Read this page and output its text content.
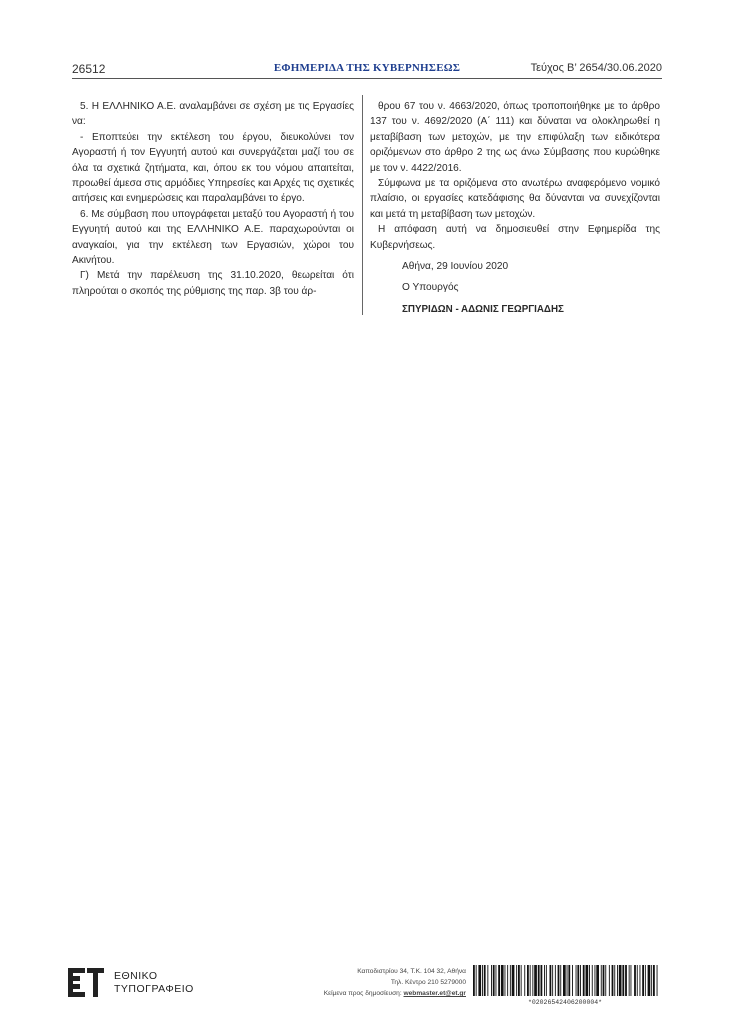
26512	ΕΦΗΜΕΡΙΔΑ ΤΗΣ ΚΥΒΕΡΝΗΣΕΩΣ	Τεύχος Β’ 2654/30.06.2020

5. Η ΕΛΛΗΝΙΚΟ Α.Ε. αναλαμβάνει σε σχέση με τις Εργασίες να:

- Εποπτεύει την εκτέλεση του έργου, διευκολύνει τον Αγοραστή ή τον Εγγυητή αυτού και συνεργάζεται μαζί του σε όλα τα σχετικά ζητήματα, και, όπου εκ του νόμου απαιτείται, προωθεί άμεσα στις αρμόδιες Υπηρεσίες και Αρχές τις σχετικές αιτήσεις και ενημερώσεις και παραλαμβάνει το έργο.

6. Με σύμβαση που υπογράφεται μεταξύ του Αγοραστή ή του Εγγυητή αυτού και της ΕΛΛΗΝΙΚΟ Α.Ε. παραχωρούνται οι αναγκαίοι, για την εκτέλεση των Εργασιών, χώροι του Ακινήτου.

Γ) Μετά την παρέλευση της 31.10.2020, θεωρείται ότι πληρούται ο σκοπός της ρύθμισης της παρ. 3β του άρ-

θρου 67 του ν. 4663/2020, όπως τροποποιήθηκε με το άρθρο 137 του ν. 4692/2020 (Α΄ 111) και δύναται να ολοκληρωθεί η μεταβίβαση των μετοχών, με την επιφύλαξη των ειδικότερα οριζόμενων στο άρθρο 2 της ως άνω Σύμβασης που κυρώθηκε με τον ν. 4422/2016.

Σύμφωνα με τα οριζόμενα στο ανωτέρω αναφερόμενο νομικό πλαίσιο, οι εργασίες κατεδάφισης θα δύνανται να συνεχίζονται και μετά τη μεταβίβαση των μετοχών.

Η απόφαση αυτή να δημοσιευθεί στην Εφημερίδα της Κυβερνήσεως.

Αθήνα, 29 Ιουνίου 2020

Ο Υπουργός

ΣΠΥΡΙΔΩΝ - ΑΔΩΝΙΣ ΓΕΩΡΓΙΑΔΗΣ

ΕΘΝΙΚΟ
ΤΥΠΟΓΡΑΦΕΙΟ
Καποδιστρίου 34, Τ.Κ. 104 32, Αθήνα
Τηλ. Κέντρο 210 5279000
Κείμενα προς δημοσίευση: webmaster.et@et.gr
*02026542406200004*
